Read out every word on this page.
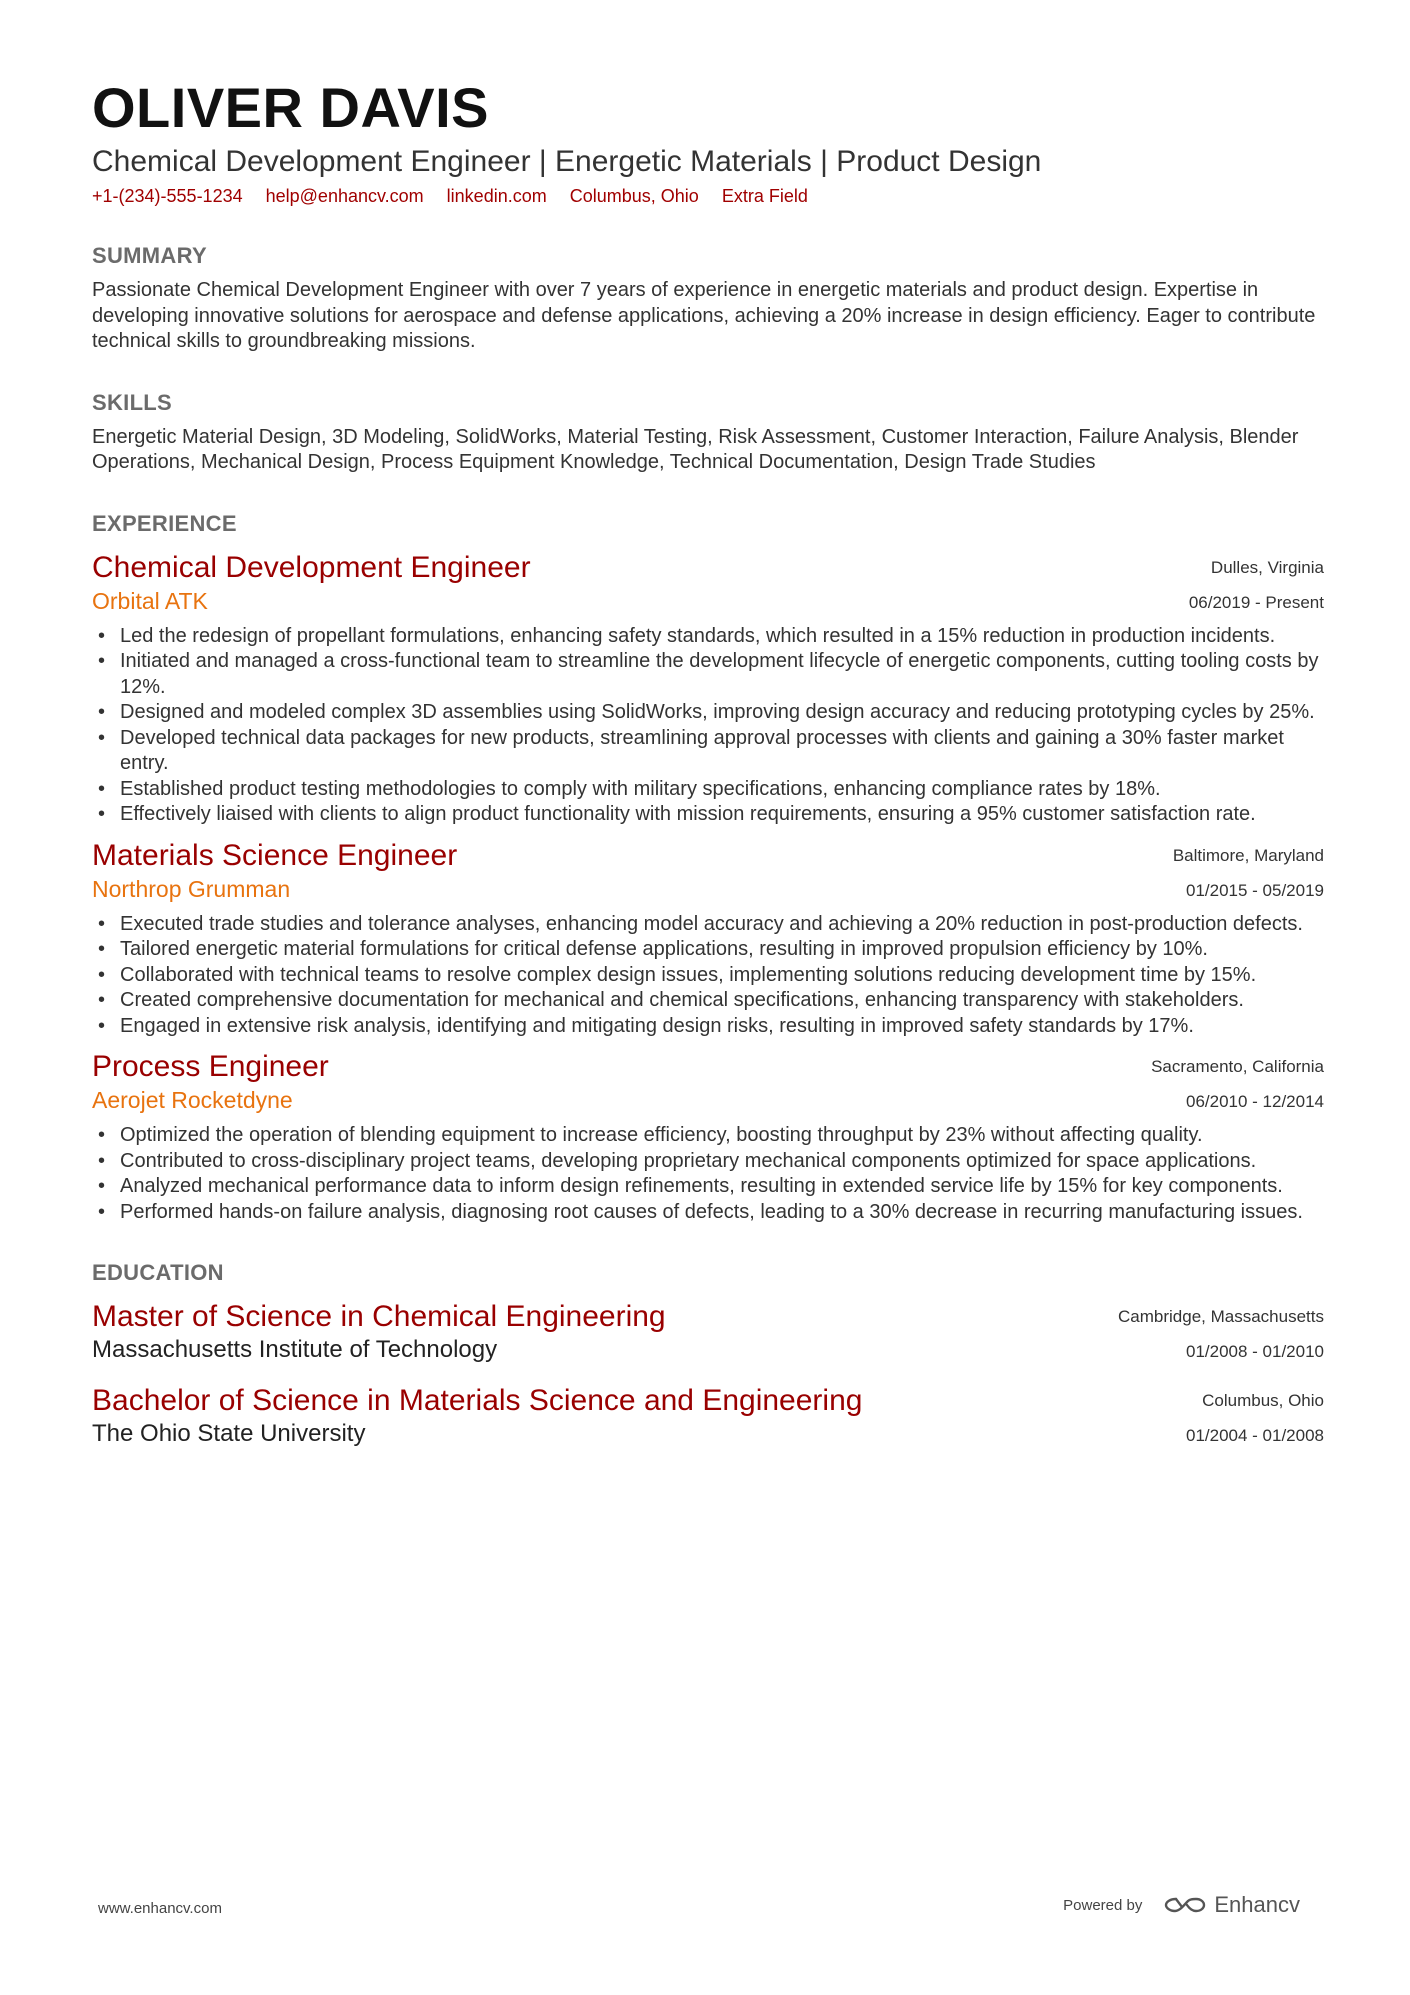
OLIVER DAVIS
Chemical Development Engineer | Energetic Materials | Product Design
+1-(234)-555-1234 help@enhancv.com linkedin.com Columbus, Ohio Extra Field
SUMMARY
Passionate Chemical Development Engineer with over 7 years of experience in energetic materials and product design. Expertise in developing innovative solutions for aerospace and defense applications, achieving a 20% increase in design efficiency. Eager to contribute technical skills to groundbreaking missions.
SKILLS
Energetic Material Design, 3D Modeling, SolidWorks, Material Testing, Risk Assessment, Customer Interaction, Failure Analysis, Blender Operations, Mechanical Design, Process Equipment Knowledge, Technical Documentation, Design Trade Studies
EXPERIENCE
Chemical Development Engineer
Orbital ATK
Dulles, Virginia
06/2019 - Present
• Led the redesign of propellant formulations, enhancing safety standards, which resulted in a 15% reduction in production incidents.
• Initiated and managed a cross-functional team to streamline the development lifecycle of energetic components, cutting tooling costs by 12%.
• Designed and modeled complex 3D assemblies using SolidWorks, improving design accuracy and reducing prototyping cycles by 25%.
• Developed technical data packages for new products, streamlining approval processes with clients and gaining a 30% faster market entry.
• Established product testing methodologies to comply with military specifications, enhancing compliance rates by 18%.
• Effectively liaised with clients to align product functionality with mission requirements, ensuring a 95% customer satisfaction rate.
Materials Science Engineer
Northrop Grumman
Baltimore, Maryland
01/2015 - 05/2019
• Executed trade studies and tolerance analyses, enhancing model accuracy and achieving a 20% reduction in post-production defects.
• Tailored energetic material formulations for critical defense applications, resulting in improved propulsion efficiency by 10%.
• Collaborated with technical teams to resolve complex design issues, implementing solutions reducing development time by 15%.
• Created comprehensive documentation for mechanical and chemical specifications, enhancing transparency with stakeholders.
• Engaged in extensive risk analysis, identifying and mitigating design risks, resulting in improved safety standards by 17%.
Process Engineer
Aerojet Rocketdyne
Sacramento, California
06/2010 - 12/2014
• Optimized the operation of blending equipment to increase efficiency, boosting throughput by 23% without affecting quality.
• Contributed to cross-disciplinary project teams, developing proprietary mechanical components optimized for space applications.
• Analyzed mechanical performance data to inform design refinements, resulting in extended service life by 15% for key components.
• Performed hands-on failure analysis, diagnosing root causes of defects, leading to a 30% decrease in recurring manufacturing issues.
EDUCATION
Master of Science in Chemical Engineering
Massachusetts Institute of Technology
Cambridge, Massachusetts
01/2008 - 01/2010
Bachelor of Science in Materials Science and Engineering
The Ohio State University
Columbus, Ohio
01/2004 - 01/2008
www.enhancv.com	Powered by	Enhancv
